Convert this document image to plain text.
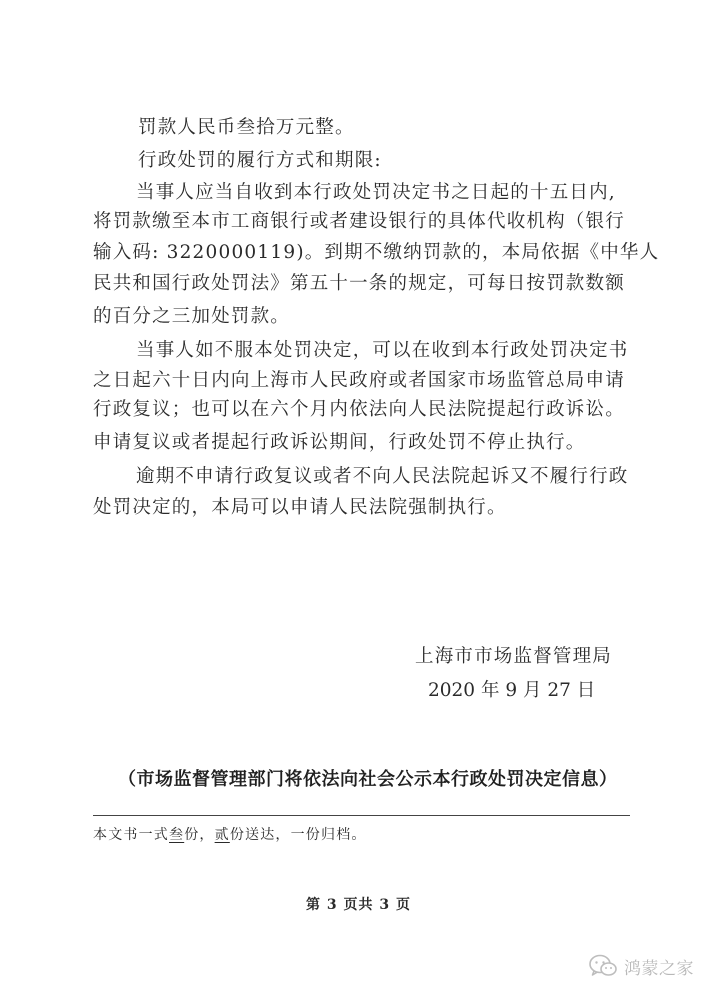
罚款人民币叁拾万元整。
行政处罚的履行方式和期限:
当事人应当自收到本行政处罚决定书之日起的十五日内,
将罚款缴至本市工商银行或者建设银行的具体代收机构（银行
输入码: 3220000119)。到期不缴纳罚款的，本局依据《中华人
民共和国行政处罚法》第五十一条的规定，可每日按罚款数额
的百分之三加处罚款。
当事人如不服本处罚决定，可以在收到本行政处罚决定书
之日起六十日内向上海市人民政府或者国家市场监管总局申请
行政复议；也可以在六个月内依法向人民法院提起行政诉讼。
申请复议或者提起行政诉讼期间，行政处罚不停止执行。
逾期不申请行政复议或者不向人民法院起诉又不履行行政
处罚决定的，本局可以申请人民法院强制执行。
上海市市场监督管理局
2020 年 9 月 27 日
（市场监督管理部门将依法向社会公示本行政处罚决定信息）
本文书一式叁份，贰份送达，一份归档。
第 3 页共 3 页
鸿蒙之家
